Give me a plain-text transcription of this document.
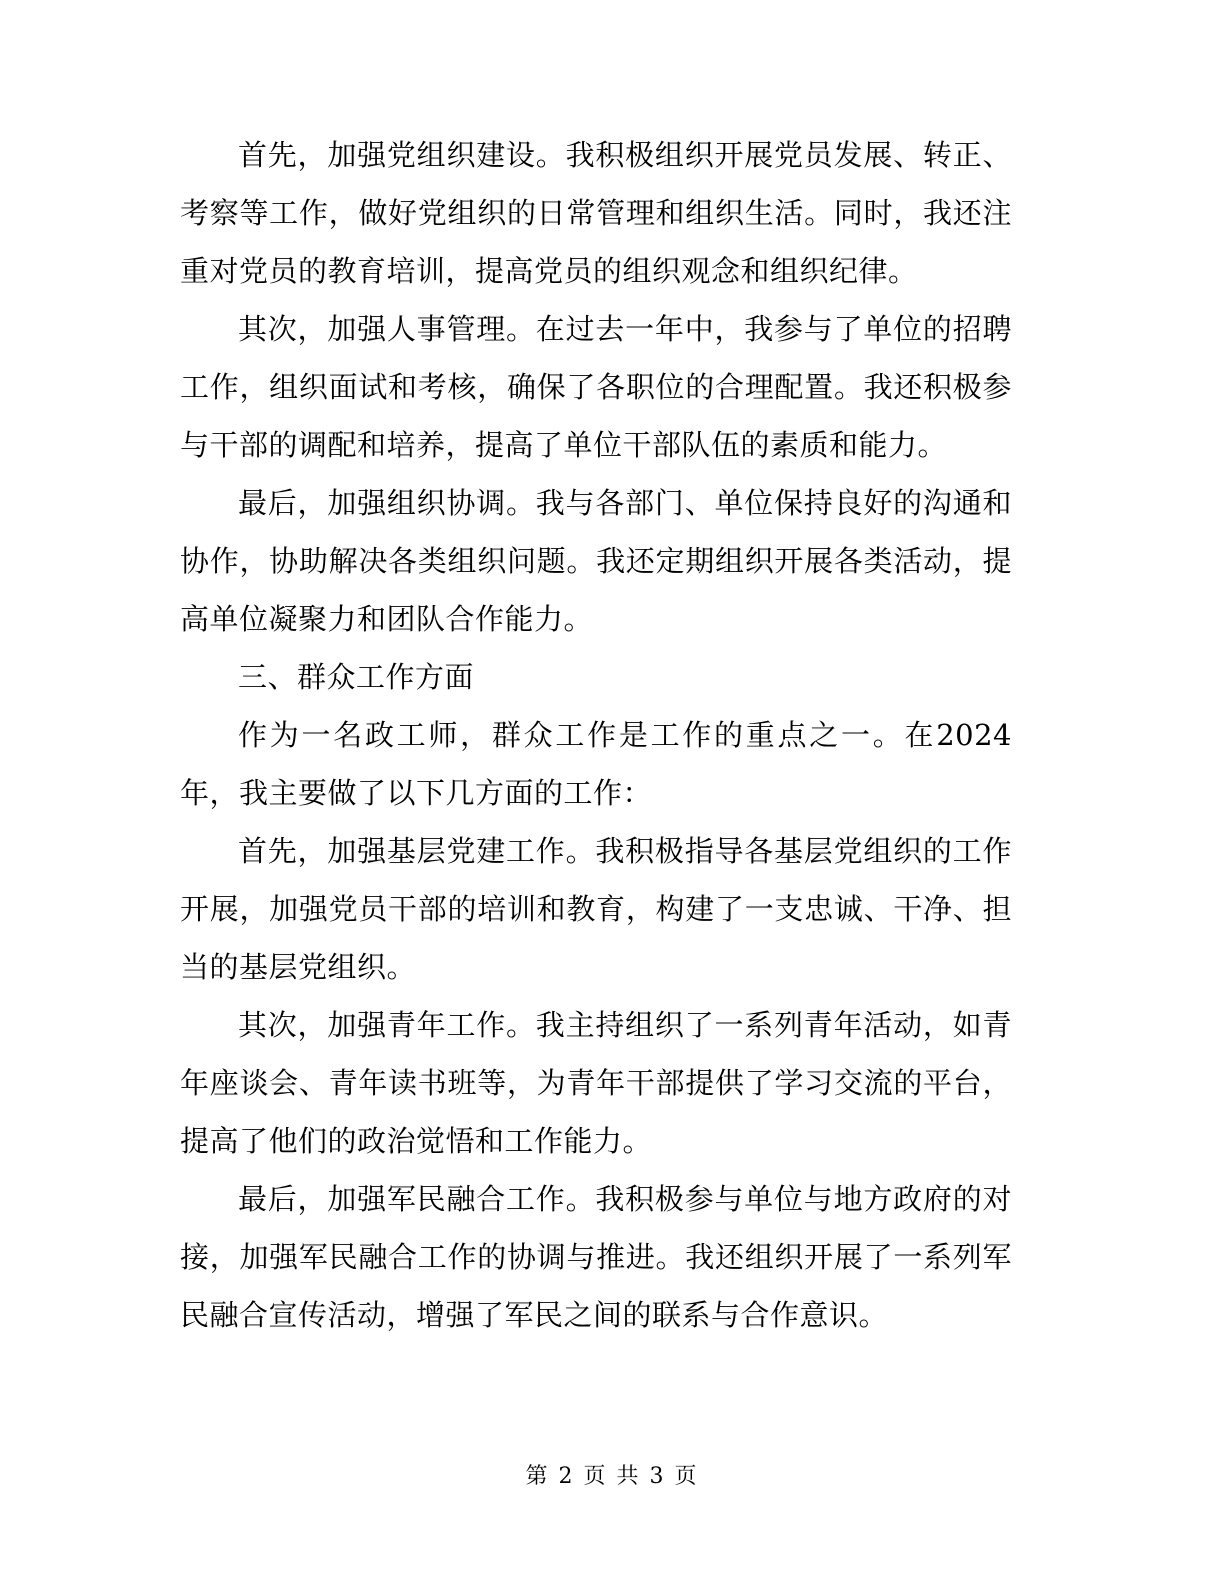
首先，加强党组织建设。我积极组织开展党员发展、转正、考察等工作，做好党组织的日常管理和组织生活。同时，我还注重对党员的教育培训，提高党员的组织观念和组织纪律。

其次，加强人事管理。在过去一年中，我参与了单位的招聘工作，组织面试和考核，确保了各职位的合理配置。我还积极参与干部的调配和培养，提高了单位干部队伍的素质和能力。

最后，加强组织协调。我与各部门、单位保持良好的沟通和协作，协助解决各类组织问题。我还定期组织开展各类活动，提高单位凝聚力和团队合作能力。

三、群众工作方面

作为一名政工师，群众工作是工作的重点之一。在2024年，我主要做了以下几方面的工作：

首先，加强基层党建工作。我积极指导各基层党组织的工作开展，加强党员干部的培训和教育，构建了一支忠诚、干净、担当的基层党组织。

其次，加强青年工作。我主持组织了一系列青年活动，如青年座谈会、青年读书班等，为青年干部提供了学习交流的平台，提高了他们的政治觉悟和工作能力。

最后，加强军民融合工作。我积极参与单位与地方政府的对接，加强军民融合工作的协调与推进。我还组织开展了一系列军民融合宣传活动，增强了军民之间的联系与合作意识。

第 2 页 共 3 页
